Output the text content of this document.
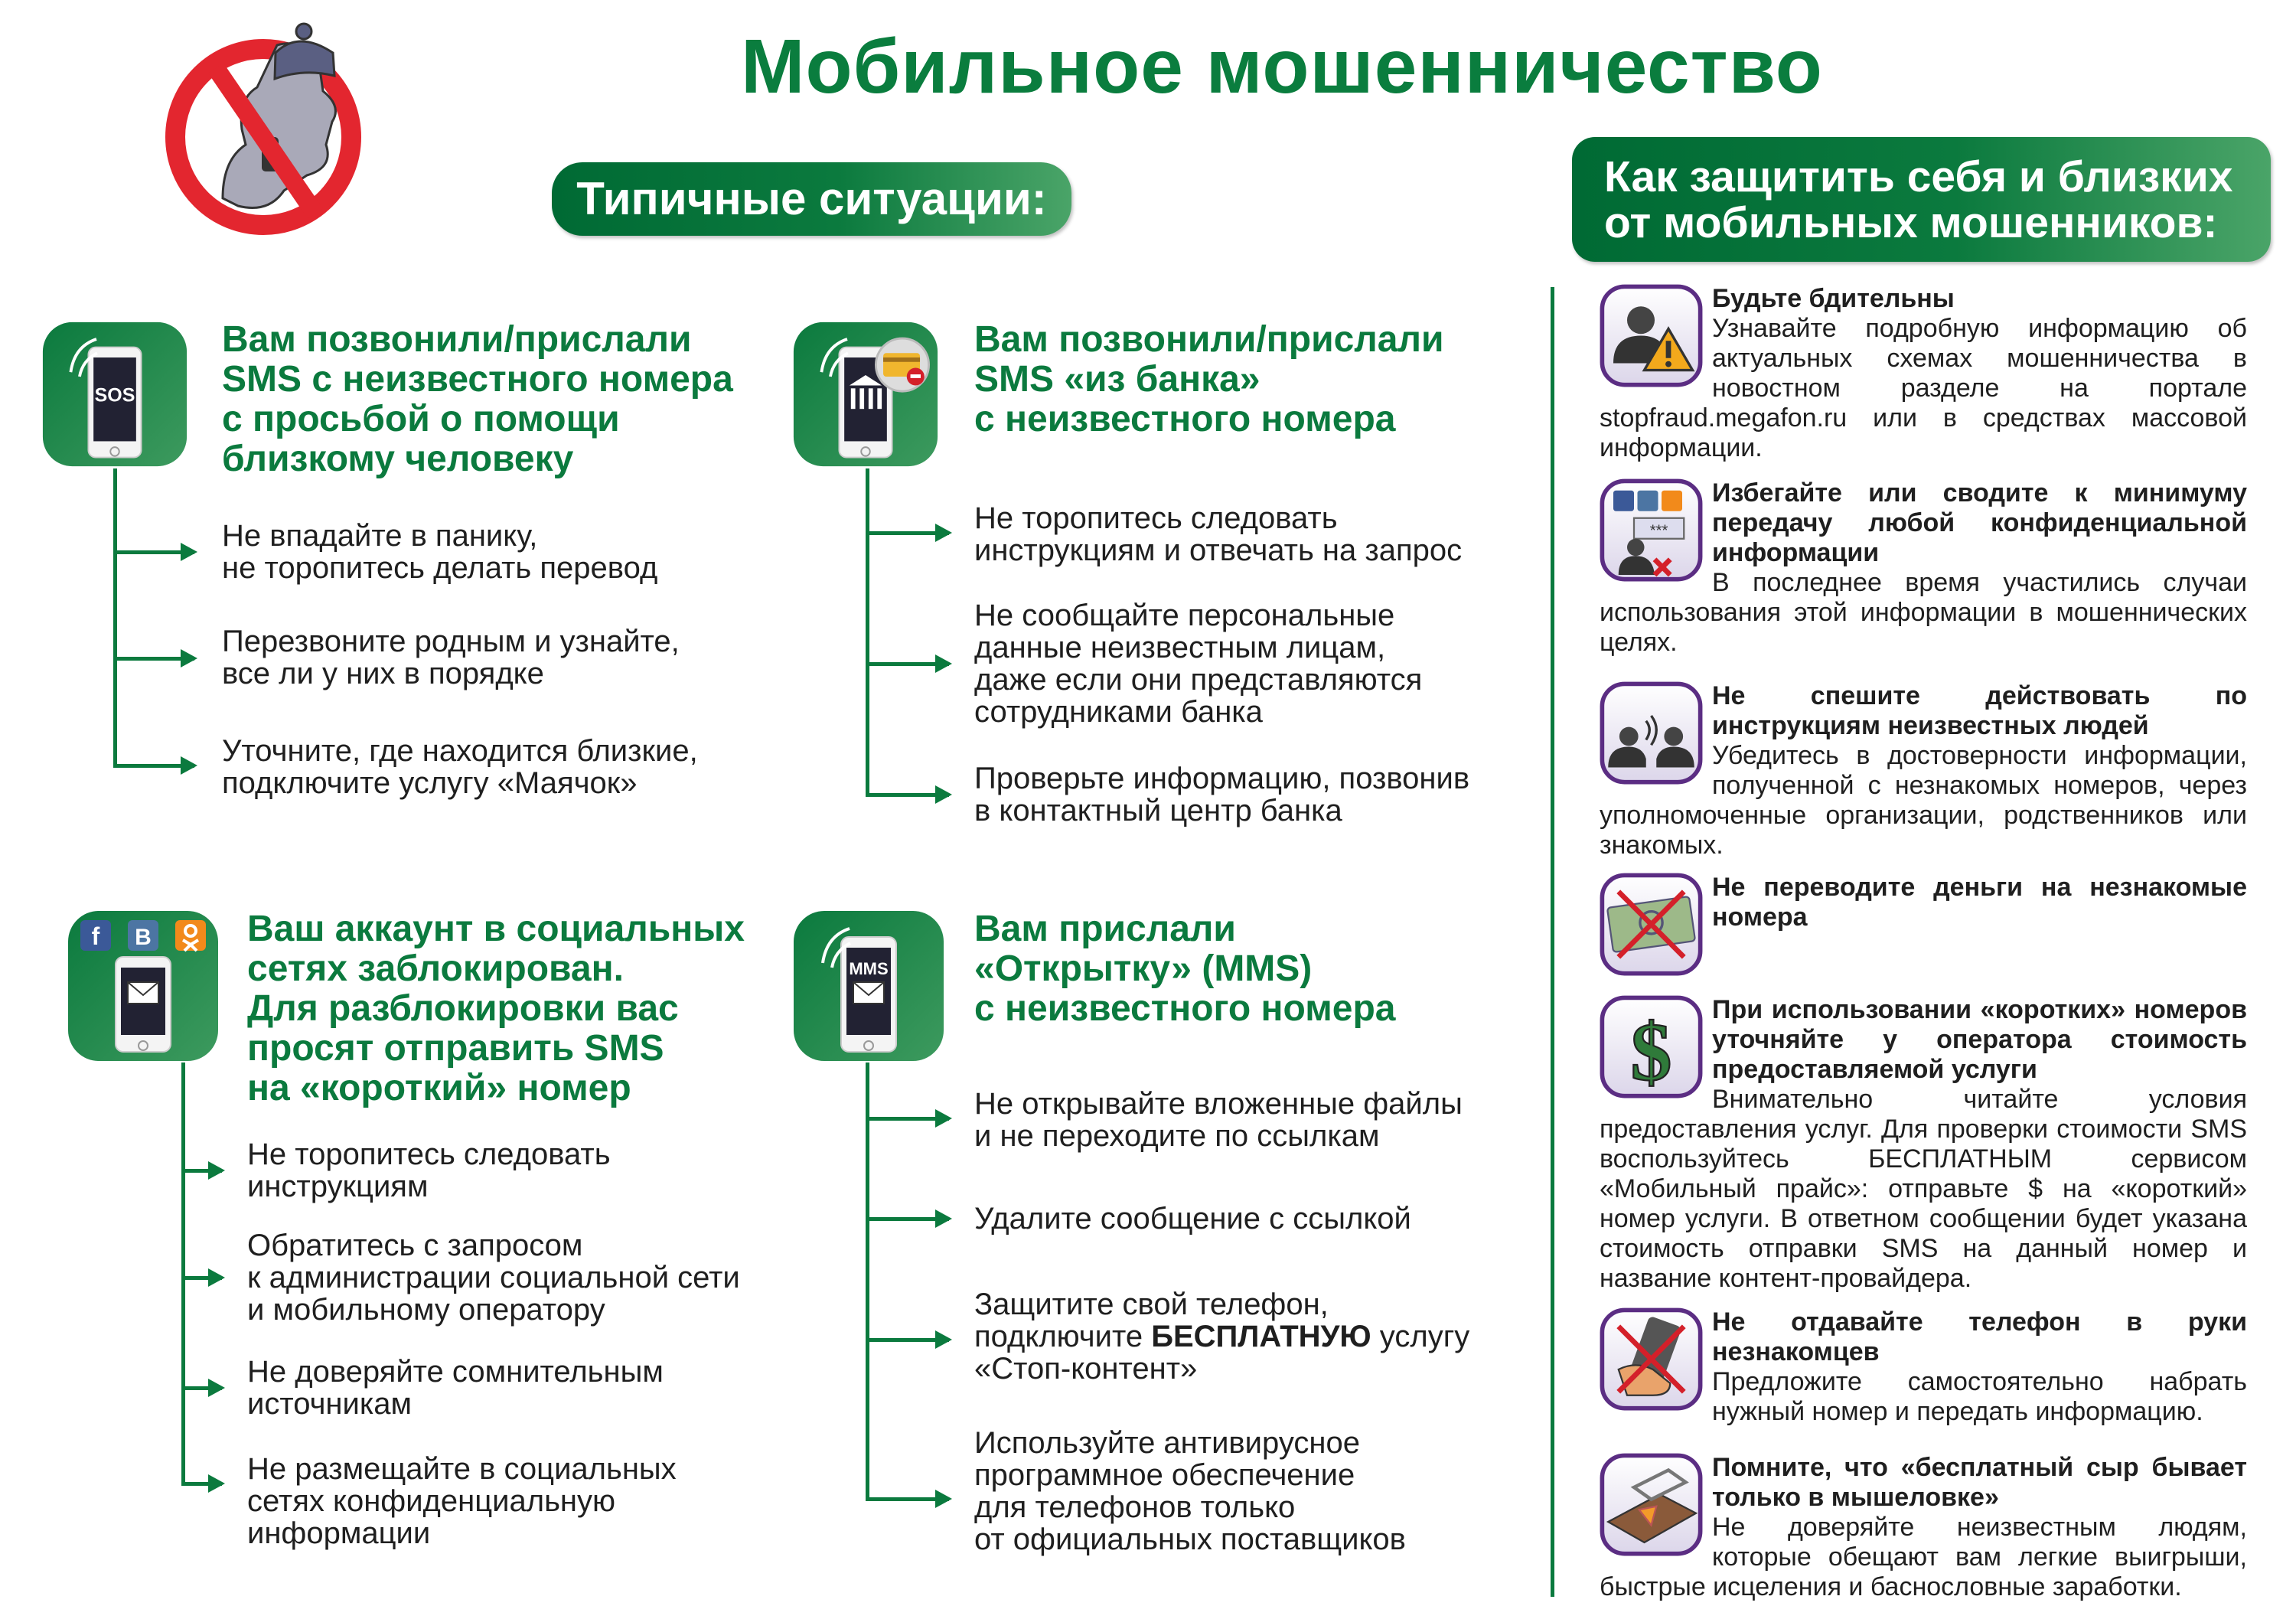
Мобильное мошенничество
Типичные ситуации:	Как защитить себя и близких
от мобильных мошенников:
SOS
Вам позвонили/прислали
SMS с неизвестного номера
с просьбой о помощи
близкому человеку
Не впадайте в панику,
не торопитесь делать перевод
Перезвоните родным и узнайте,
все ли у них в порядке
Уточните, где находится близкие,
подключите услугу «Маячок»
Вам позвонили/прислали
SMS «из банка»
с неизвестного номера
Не торопитесь следовать
инструкциям и отвечать на запрос
Не сообщайте персональные
данные неизвестным лицам,
даже если они представляются
сотрудниками банка
Проверьте информацию, позвонив
в контактный центр банка
f B	Ваш аккаунт в социальных
сетях заблокирован.
Для разблокировки вас
просят отправить SMS
на «короткий» номер
Не торопитесь следовать
инструкциям
Обратитесь с запросом
к администрации социальной сети
и мобильному оператору
Не доверяйте сомнительным
источникам
Не размещайте в социальных
сетях конфиденциальную
информации
MMS
Вам прислали
«Открытку» (MMS)
с неизвестного номера
Не открывайте вложенные файлы
и не переходите по ссылкам
Удалите сообщение с ссылкой
Защитите свой телефон,
подключите БЕСПЛАТНУЮ услугу
«Стоп-контент»
Используйте антивирусное
программное обеспечение
для телефонов только
от официальных поставщиков
Будьте бдительны
Узнавайте подробную информацию об актуальных схемах мошенничества в новостном разделе на портале stopfraud.megafon.ru или в средствах массовой информации.
***
Избегайте или сводите к минимуму передачу любой конфиденциальной информации
В последнее время участились случаи использования этой информации в мошеннических целях.
Не спешите действовать по инструкциям неизвестных людей
Убедитесь в достоверности информации, полученной с незнакомых номеров, через уполномоченные организации, родственников или знакомых.
Не переводите деньги на незнакомые номера
$	При использовании «коротких» номеров уточняйте у оператора стоимость предоставляемой услуги
Внимательно читайте условия предоставления услуг. Для проверки стоимости SMS воспользуйтесь БЕСПЛАТНЫМ сервисом «Мобильный прайс»: отправьте $ на «короткий» номер услуги. В ответном сообщении будет указана стоимость отправки SMS на данный номер и название контент-провайдера.
Не отдавайте телефон в руки незнакомцев
Предложите самостоятельно набрать нужный номер и передать информацию.
Помните, что «бесплатный сыр бывает только в мышеловке»
Не доверяйте неизвестным людям, которые обещают вам легкие выигрыши, быстрые исцеления и баснословные заработки.
